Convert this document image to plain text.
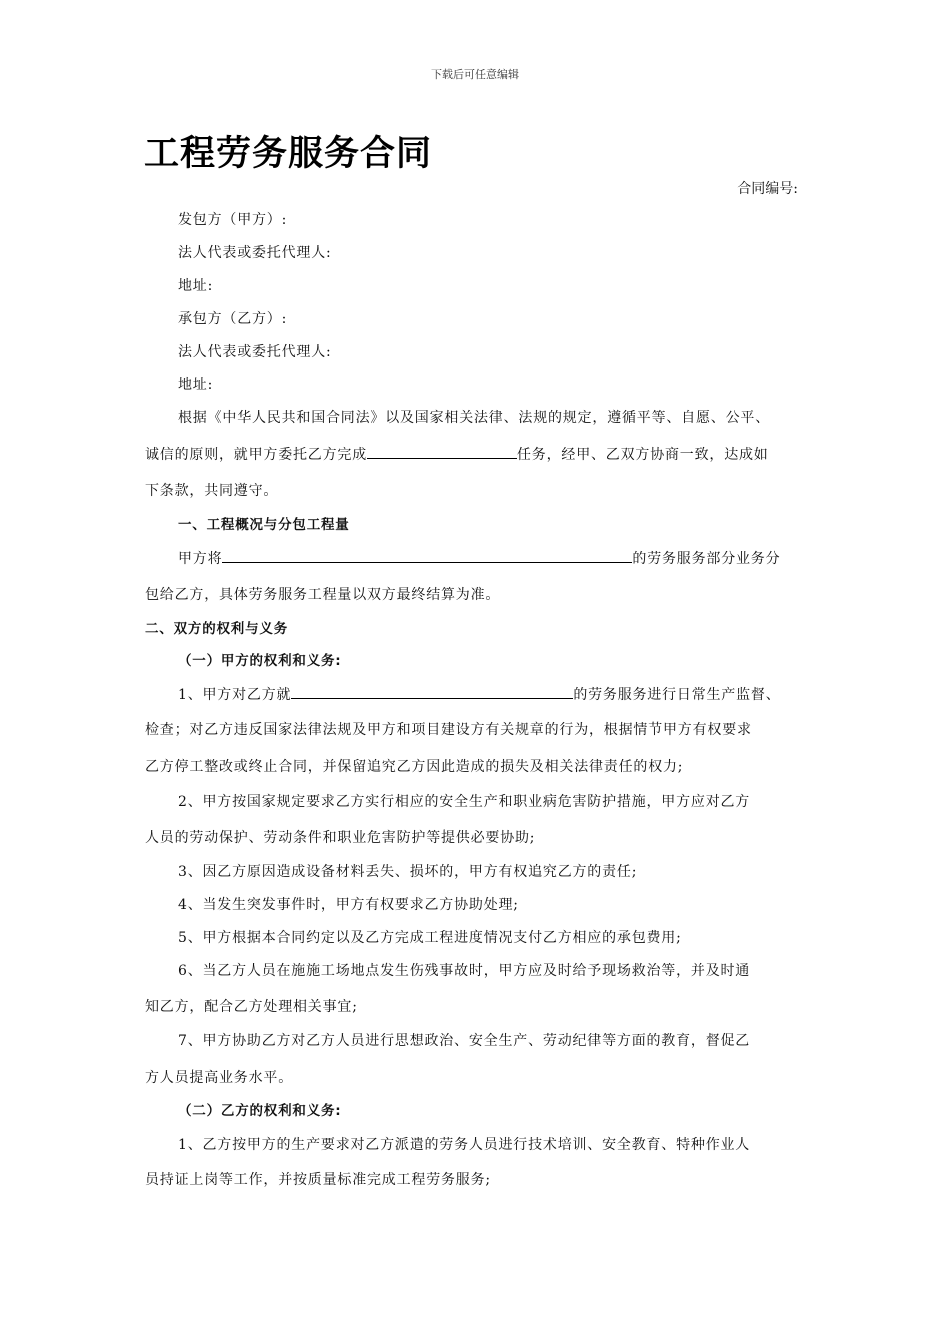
下载后可任意编辑
工程劳务服务合同
合同编号:
发包方（甲方）:
法人代表或委托代理人:
地址:
承包方（乙方）:
法人代表或委托代理人:
地址:
根据《中华人民共和国合同法》以及国家相关法律、法规的规定，遵循平等、自愿、公平、
诚信的原则，就甲方委托乙方完成	任务，经甲、乙双方协商一致，达成如
下条款，共同遵守。
一、工程概况与分包工程量
甲方将	的劳务服务部分业务分
包给乙方，具体劳务服务工程量以双方最终结算为准。
二、双方的权利与义务
（一）甲方的权利和义务:
1、甲方对乙方就	的劳务服务进行日常生产监督、
检查；对乙方违反国家法律法规及甲方和项目建设方有关规章的行为，根据情节甲方有权要求
乙方停工整改或终止合同，并保留追究乙方因此造成的损失及相关法律责任的权力;
2、甲方按国家规定要求乙方实行相应的安全生产和职业病危害防护措施，甲方应对乙方
人员的劳动保护、劳动条件和职业危害防护等提供必要协助;
3、因乙方原因造成设备材料丢失、损坏的，甲方有权追究乙方的责任;
4、当发生突发事件时，甲方有权要求乙方协助处理;
5、甲方根据本合同约定以及乙方完成工程进度情况支付乙方相应的承包费用;
6、当乙方人员在施施工场地点发生伤残事故时，甲方应及时给予现场救治等，并及时通
知乙方，配合乙方处理相关事宜;
7、甲方协助乙方对乙方人员进行思想政治、安全生产、劳动纪律等方面的教育，督促乙
方人员提高业务水平。
（二）乙方的权利和义务:
1、乙方按甲方的生产要求对乙方派遣的劳务人员进行技术培训、安全教育、特种作业人
员持证上岗等工作，并按质量标准完成工程劳务服务;
